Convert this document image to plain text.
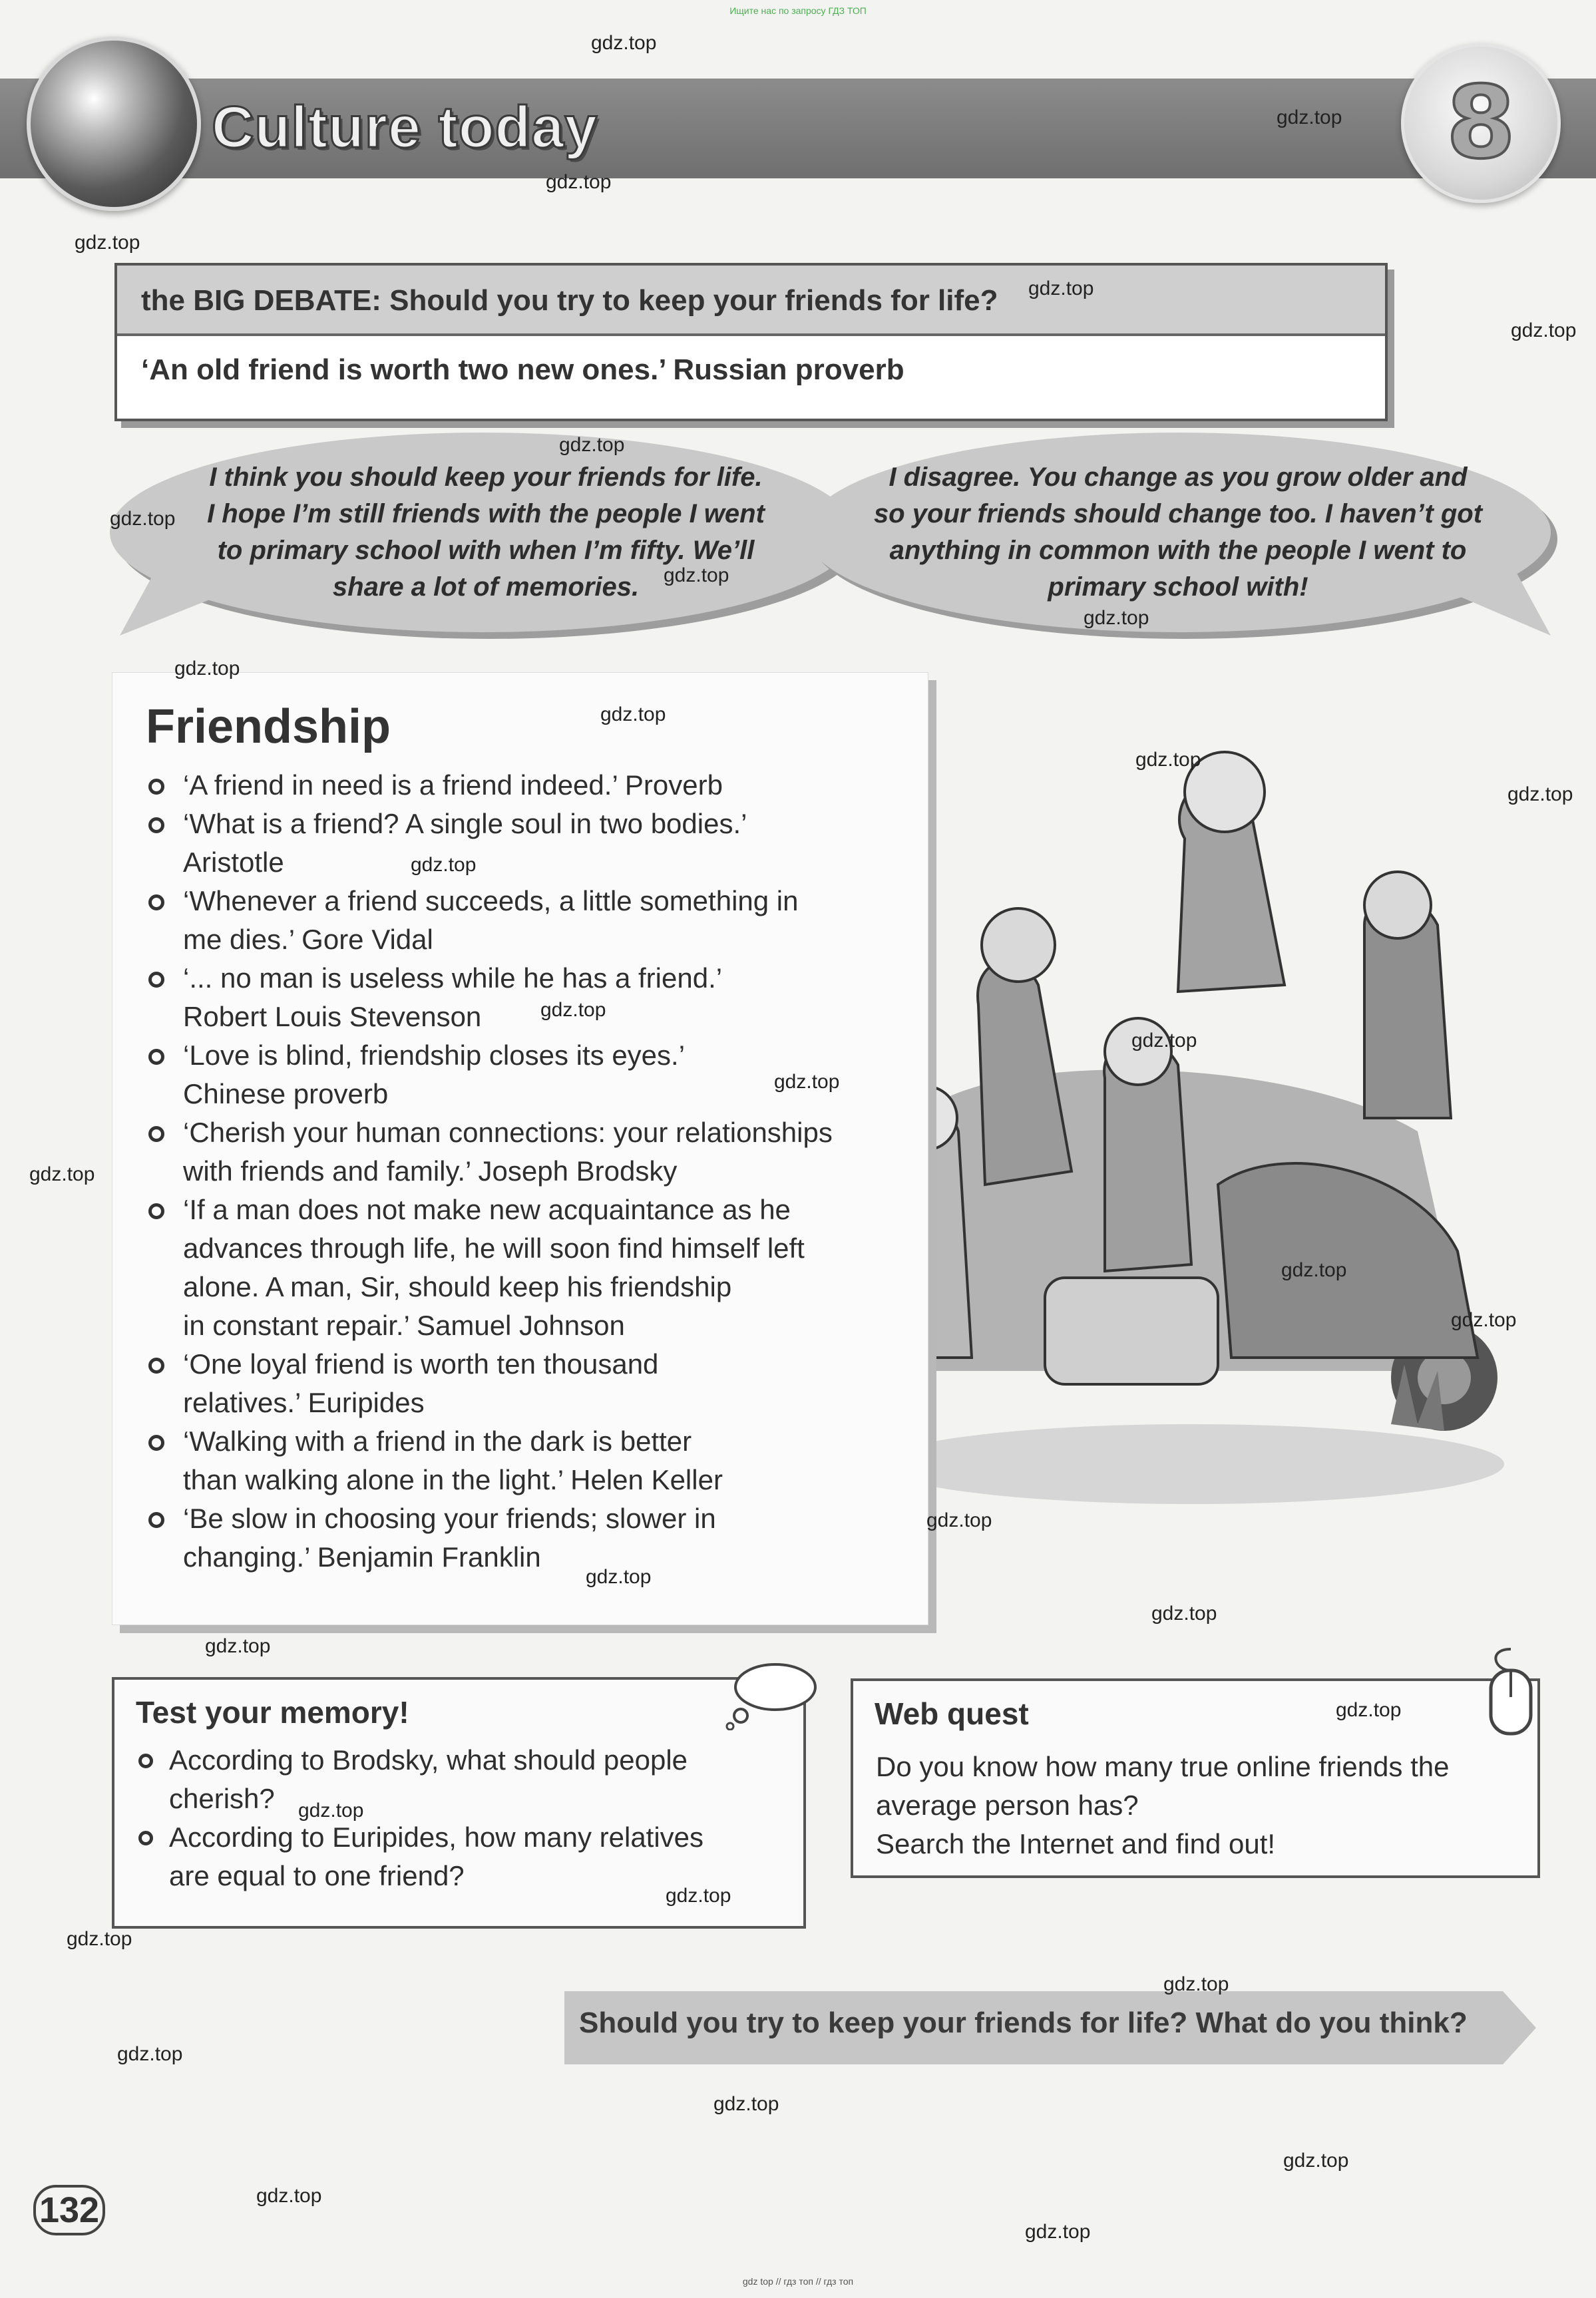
Ищите нас по запросу ГДЗ ТОП
Culture today	8
the BIG DEBATE: Should you try to keep your friends for life?
‘An old friend is worth two new ones.’ Russian proverb
I think you should keep your friends for life.
I hope I’m still friends with the people I went
to primary school with when I’m fifty. We’ll
share a lot of memories.
I disagree. You change as you grow older and
so your friends should change too. I haven’t got
anything in common with the people I went to
primary school with!
Friendship
‘A friend in need is a friend indeed.’ Proverb
‘What is a friend? A single soul in two bodies.’
Aristotle
‘Whenever a friend succeeds, a little something in
me dies.’ Gore Vidal
‘... no man is useless while he has a friend.’
Robert Louis Stevenson
‘Love is blind, friendship closes its eyes.’
Chinese proverb
‘Cherish your human connections: your relationships
with friends and family.’ Joseph Brodsky
‘If a man does not make new acquaintance as he
advances through life, he will soon find himself left
alone. A man, Sir, should keep his friendship
in constant repair.’ Samuel Johnson
‘One loyal friend is worth ten thousand
relatives.’ Euripides
‘Walking with a friend in the dark is better
than walking alone in the light.’ Helen Keller
‘Be slow in choosing your friends; slower in
changing.’ Benjamin Franklin
Test your memory!
According to Brodsky, what should people
cherish?
According to Euripides, how many relatives
are equal to one friend?
Web quest
Do you know how many true online friends the
average person has?
Search the Internet and find out!
Should you try to keep your friends for life? What do you think?
132
gdz.top
gdz.top
gdz.top
gdz.top
gdz.top
gdz.top
gdz.top
gdz.top
gdz.top
gdz.top
gdz.top
gdz.top
gdz.top
gdz.top
gdz.top
gdz.top
gdz.top
gdz.top
gdz.top
gdz.top
gdz.top
gdz.top
gdz.top
gdz.top
gdz.top
gdz.top
gdz.top
gdz.top
gdz.top
gdz.top
gdz.top
gdz.top
gdz.top
gdz.top
gdz.top
gdz top // гдз топ // гдз топ
